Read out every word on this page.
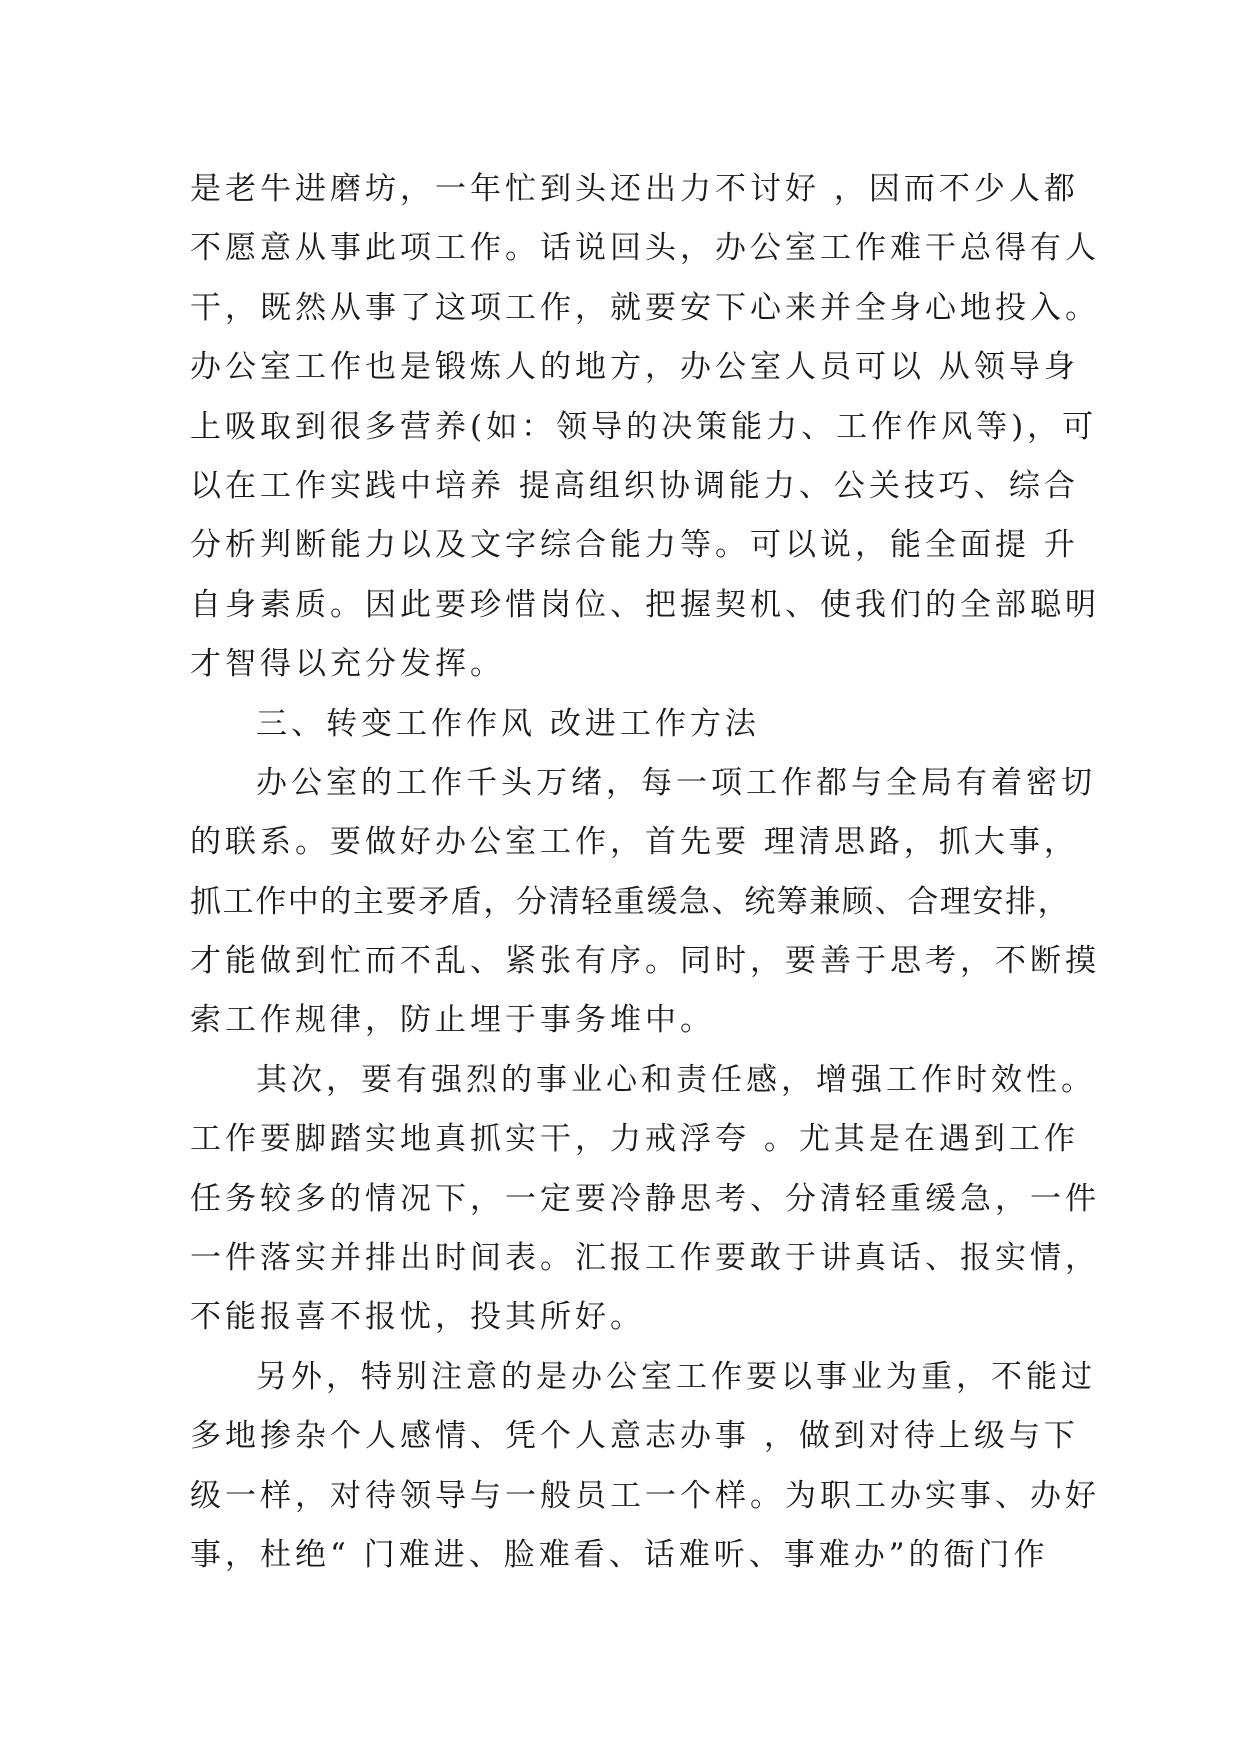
是老牛进磨坊，一年忙到头还出力不讨好 ，因而不少人都
不愿意从事此项工作。话说回头，办公室工作难干总得有人
干，既然从事了这项工作，就要安下心来并全身心地投入。
办公室工作也是锻炼人的地方，办公室人员可以 从领导身
上吸取到很多营养(如：领导的决策能力、工作作风等)，可
以在工作实践中培养 提高组织协调能力、公关技巧、综合
分析判断能力以及文字综合能力等。可以说，能全面提 升
自身素质。因此要珍惜岗位、把握契机、使我们的全部聪明
才智得以充分发挥。
三、转变工作作风 改进工作方法
办公室的工作千头万绪，每一项工作都与全局有着密切
的联系。要做好办公室工作，首先要 理清思路，抓大事，
抓工作中的主要矛盾，分清轻重缓急、统筹兼顾、合理安排，
才能做到忙而不乱、紧张有序。同时，要善于思考，不断摸
索工作规律，防止埋于事务堆中。
其次，要有强烈的事业心和责任感，增强工作时效性。
工作要脚踏实地真抓实干，力戒浮夸 。尤其是在遇到工作
任务较多的情况下，一定要冷静思考、分清轻重缓急，一件
一件落实并排出时间表。汇报工作要敢于讲真话、报实情，
不能报喜不报忧，投其所好。
另外，特别注意的是办公室工作要以事业为重，不能过
多地掺杂个人感情、凭个人意志办事 ，做到对待上级与下
级一样，对待领导与一般员工一个样。为职工办实事、办好
事，杜绝“ 门难进、脸难看、话难听、事难办”的衙门作
